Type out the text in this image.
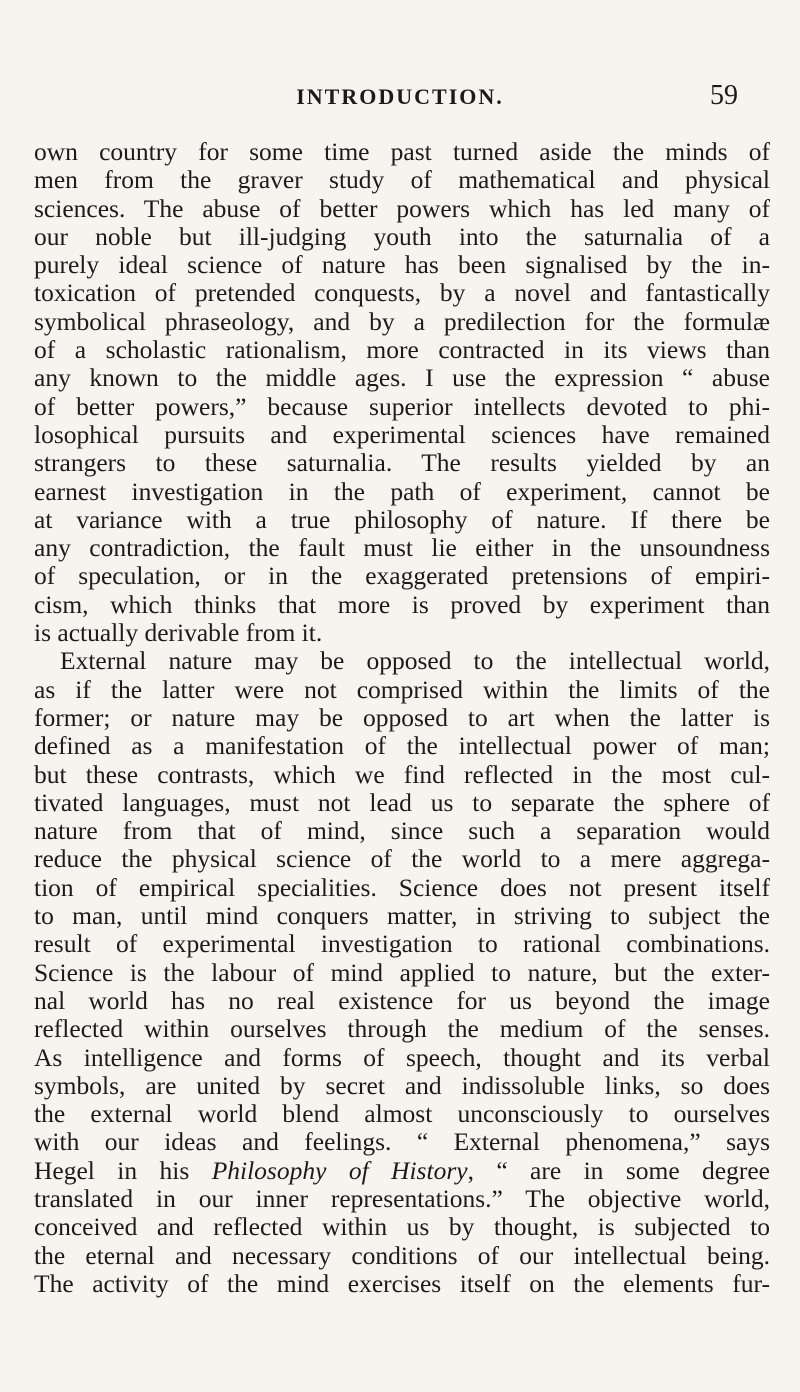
INTRODUCTION.	59
own country for some time past turned aside the minds of
men from the graver study of mathematical and physical
sciences. The abuse of better powers which has led many of
our noble but ill-judging youth into the saturnalia of a
purely ideal science of nature has been signalised by the in-
toxication of pretended conquests, by a novel and fantastically
symbolical phraseology, and by a predilection for the formulæ
of a scholastic rationalism, more contracted in its views than
any known to the middle ages. I use the expression “ abuse
of better powers,” because superior intellects devoted to phi-
losophical pursuits and experimental sciences have remained
strangers to these saturnalia. The results yielded by an
earnest investigation in the path of experiment, cannot be
at variance with a true philosophy of nature. If there be
any contradiction, the fault must lie either in the unsoundness
of speculation, or in the exaggerated pretensions of empiri-
cism, which thinks that more is proved by experiment than
is actually derivable from it.
External nature may be opposed to the intellectual world,
as if the latter were not comprised within the limits of the
former; or nature may be opposed to art when the latter is
defined as a manifestation of the intellectual power of man;
but these contrasts, which we find reflected in the most cul-
tivated languages, must not lead us to separate the sphere of
nature from that of mind, since such a separation would
reduce the physical science of the world to a mere aggrega-
tion of empirical specialities. Science does not present itself
to man, until mind conquers matter, in striving to subject the
result of experimental investigation to rational combinations.
Science is the labour of mind applied to nature, but the exter-
nal world has no real existence for us beyond the image
reflected within ourselves through the medium of the senses.
As intelligence and forms of speech, thought and its verbal
symbols, are united by secret and indissoluble links, so does
the external world blend almost unconsciously to ourselves
with our ideas and feelings. “ External phenomena,” says
Hegel in his Philosophy of History, “ are in some degree
translated in our inner representations.” The objective world,
conceived and reflected within us by thought, is subjected to
the eternal and necessary conditions of our intellectual being.
The activity of the mind exercises itself on the elements fur-
